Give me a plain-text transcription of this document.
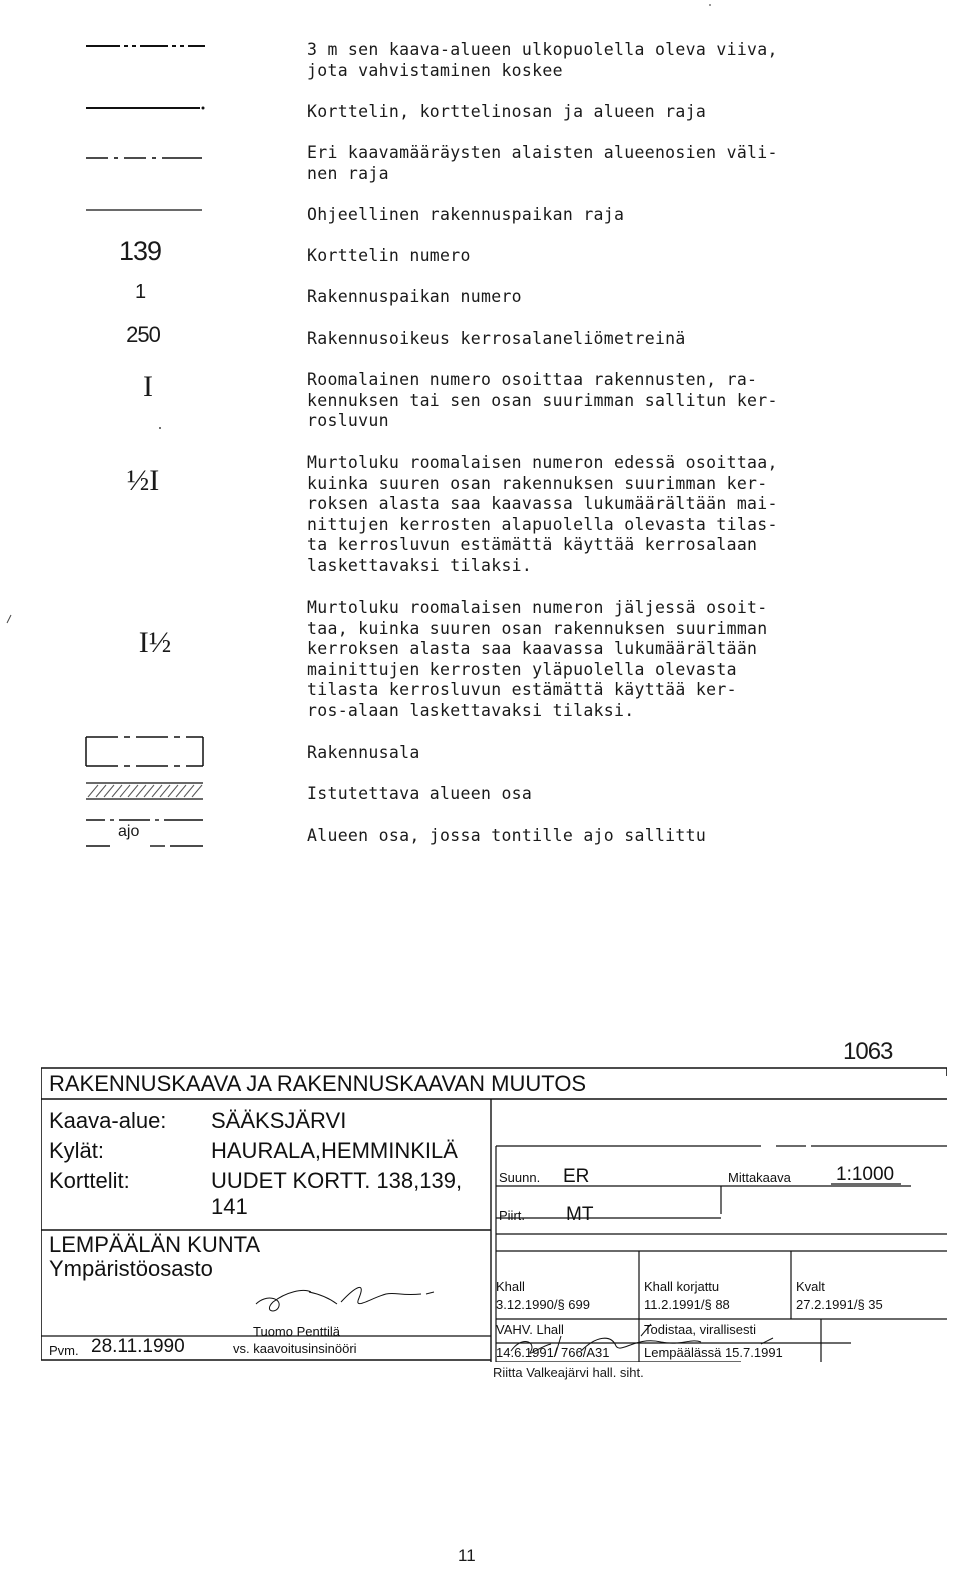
139
1
250
I
½I
I½
ajo
3 m sen kaava-alueen ulkopuolella oleva viiva,
jota vahvistaminen koskee
Korttelin, korttelinosan ja alueen raja
Eri kaavamääräysten alaisten alueenosien väli-
nen raja
Ohjeellinen rakennuspaikan raja
Korttelin numero
Rakennuspaikan numero
Rakennusoikeus kerrosalaneliömetreinä
Roomalainen numero osoittaa rakennusten, ra-
kennuksen tai sen osan suurimman sallitun ker-
rosluvun
Murtoluku roomalaisen numeron edessä osoittaa,
kuinka suuren osan rakennuksen suurimman ker-
roksen alasta saa kaavassa lukumäärältään mai-
nittujen kerrosten alapuolella olevasta tilas-
ta kerrosluvun estämättä käyttää kerrosalaan
laskettavaksi tilaksi.
Murtoluku roomalaisen numeron jäljessä osoit-
taa, kuinka suuren osan rakennuksen suurimman
kerroksen alasta saa kaavassa lukumäärältään
mainittujen kerrosten yläpuolella olevasta
tilasta kerrosluvun estämättä käyttää ker-
ros-alaan laskettavaksi tilaksi.
Rakennusala
Istutettava alueen osa
Alueen osa, jossa tontille ajo sallittu
1063
RAKENNUSKAAVA JA RAKENNUSKAAVAN MUUTOS
Kaava-alue: SÄÄKSJÄRVI
Kylät:	HAURALA,HEMMINKILÄ
Korttelit:	UUDET KORTT. 138,139,
141
LEMPÄÄLÄN KUNTA
Ympäristöosasto
Tuomo Penttilä
vs. kaavoitusinsinööri
Pvm. 28.11.1990
Suunn. ER
Piirt. MT
Mittakaava 1:1000
Khall
3.12.1990/§ 699
Khall korjattu
11.2.1991/§ 88
Kvalt
27.2.1991/§ 35
VAHV. Lhall
14.6.1991/ 766/A31
Todistaa, virallisesti
Lempäälässä 15.7.1991
Riitta Valkeajärvi hall. siht.
11
